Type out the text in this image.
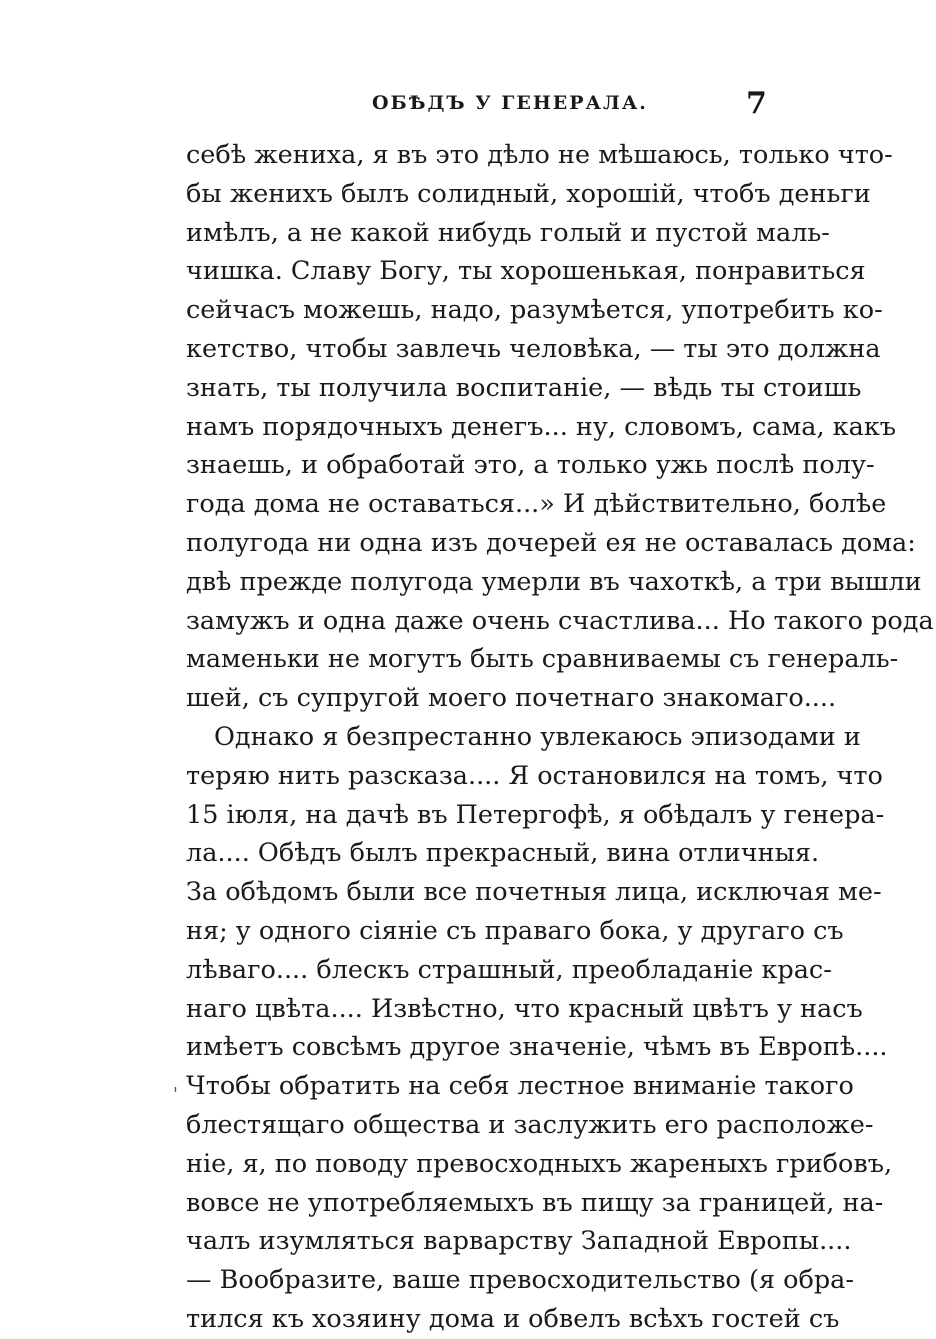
ОБѢДЪ У ГЕНЕРАЛА.	7
себѣ жениха, я въ это дѣло не мѣшаюсь, только что-
бы женихъ былъ солидный, хорошій, чтобъ деньги
имѣлъ, а не какой нибудь голый и пустой маль-
чишка. Славу Богу, ты хорошенькая, понравиться
сейчасъ можешь, надо, разумѣется, употребить ко-
кетство, чтобы завлечь человѣка, — ты это должна
знать, ты получила воспитаніе, — вѣдь ты стоишь
намъ порядочныхъ денегъ... ну, словомъ, сама, какъ
знаешь, и обработай это, а только ужь послѣ полу-
года дома не оставаться...» И дѣйствительно, болѣе
полугода ни одна изъ дочерей ея не оставалась дома:
двѣ прежде полугода умерли въ чахоткѣ, а три вышли
замужъ и одна даже очень счастлива... Но такого рода
маменьки не могутъ быть сравниваемы съ генераль-
шей, съ супругой моего почетнаго знакомаго....
Однако я безпрестанно увлекаюсь эпизодами и
теряю нить разсказа.... Я остановился на томъ, что
15 іюля, на дачѣ въ Петергофѣ, я обѣдалъ у генера-
ла.... Обѣдъ былъ прекрасный, вина отличныя.
За обѣдомъ были все почетныя лица, исключая ме-
ня; у одного сіяніе съ праваго бока, у другаго съ
лѣваго.... блескъ страшный, преобладаніе крас-
наго цвѣта.... Извѣстно, что красный цвѣтъ у насъ
имѣетъ совсѣмъ другое значеніе, чѣмъ въ Европѣ....
Чтобы обратить на себя лестное вниманіе такого
блестящаго общества и заслужить его расположе-
ніе, я, по поводу превосходныхъ жареныхъ грибовъ,
вовсе не употребляемыхъ въ пищу за границей, на-
чалъ изумляться варварству Западной Европы....
— Вообразите, ваше превосходительство (я обра-
тился къ хозяину дома и обвелъ всѣхъ гостей съ
'
